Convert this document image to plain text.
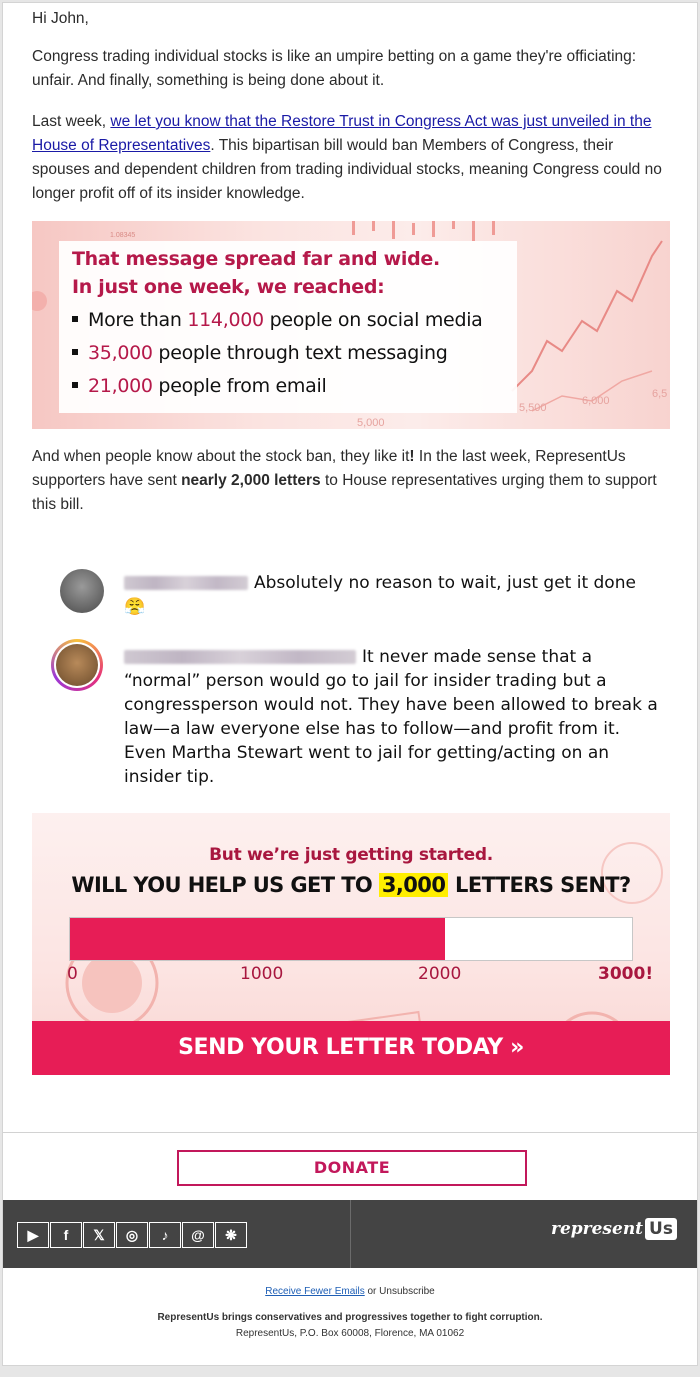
Hi John,

Congress trading individual stocks is like an umpire betting on a game they're officiating: unfair. And finally, something is being done about it.

Last week, we let you know that the Restore Trust in Congress Act was just unveiled in the House of Representatives. This bipartisan bill would ban Members of Congress, their spouses and dependent children from trading individual stocks, meaning Congress could no longer profit off of its insider knowledge.

And when people know about the stock ban, they like it! In the last week, RepresentUs supporters have sent nearly 2,000 letters to House representatives urging them to support this bill.

1.08345
5,000
5,500
6,000
6,5
That message spread far and wide.
In just one week, we reached:
More than 114,000 people on social media
35,000 people through text messaging
21,000 people from email
Absolutely no reason to wait, just get it done
😤
It never made sense that a “normal” person would go to jail for insider trading but a congressperson would not. They have been allowed to break a law—a law everyone else has to follow—and profit from it. Even Martha Stewart went to jail for getting/acting on an insider tip.
But we’re just getting started.
WILL YOU HELP US GET TO 3,000 LETTERS SENT?
0	1000	2000	3000!
SEND YOUR LETTER TODAY »
DONATE
▶	f	𝕏	◎	♪	@	❋	represent Us
Receive Fewer Emails or Unsubscribe
RepresentUs brings conservatives and progressives together to fight corruption.
RepresentUs, P.O. Box 60008, Florence, MA 01062
